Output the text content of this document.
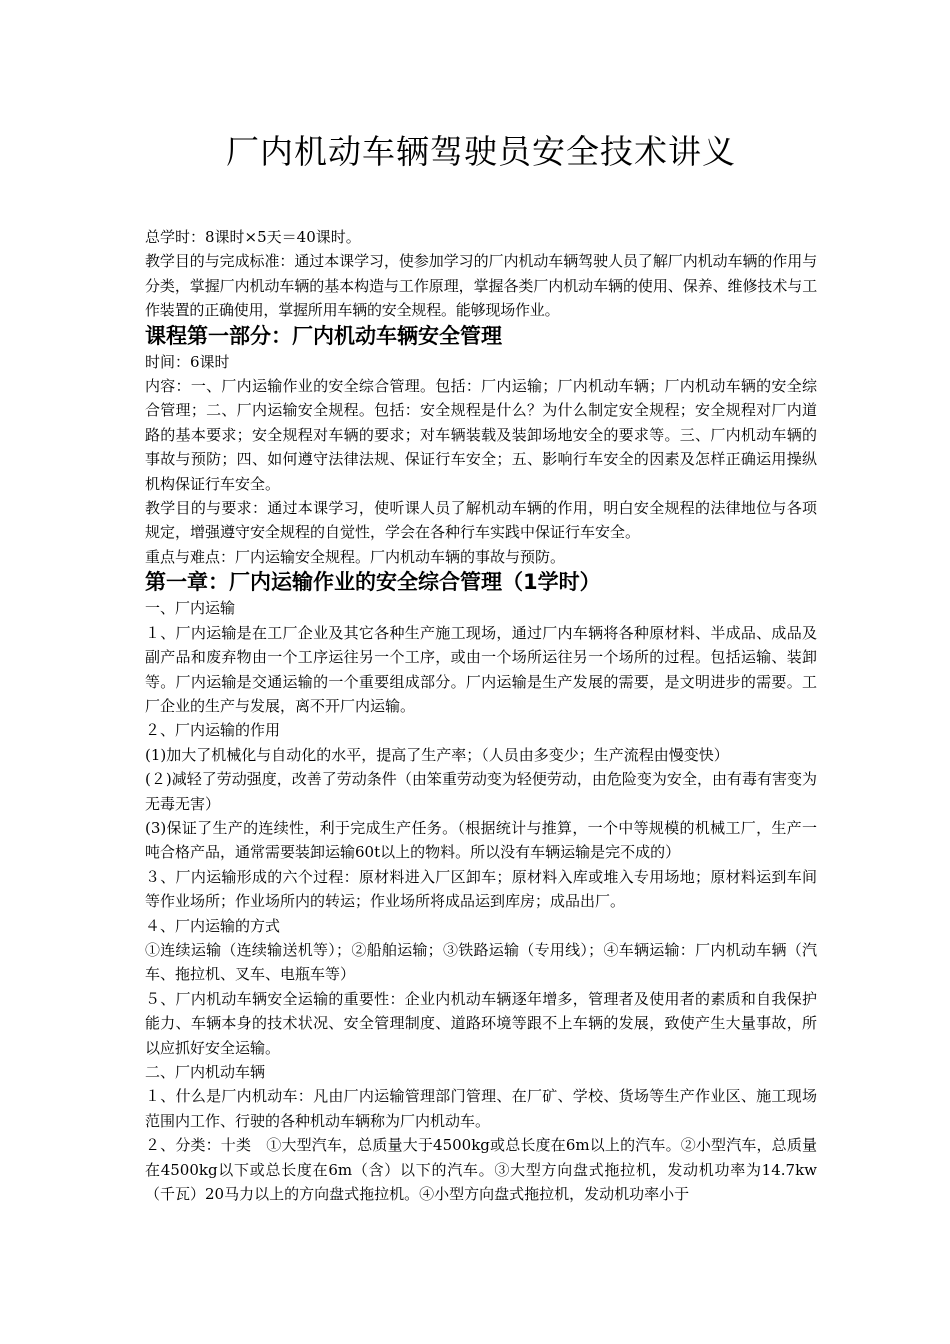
厂内机动车辆驾驶员安全技术讲义

总学时：8课时×5天＝40课时。

教学目的与完成标准：通过本课学习，使参加学习的厂内机动车辆驾驶人员了解厂内机动车辆的作用与分类，掌握厂内机动车辆的基本构造与工作原理，掌握各类厂内机动车辆的使用、保养、维修技术与工作装置的正确使用，掌握所用车辆的安全规程。能够现场作业。

课程第一部分：厂内机动车辆安全管理

时间：6课时

内容：一、厂内运输作业的安全综合管理。包括：厂内运输；厂内机动车辆；厂内机动车辆的安全综合管理；二、厂内运输安全规程。包括：安全规程是什么？为什么制定安全规程；安全规程对厂内道路的基本要求；安全规程对车辆的要求；对车辆装载及装卸场地安全的要求等。三、厂内机动车辆的事故与预防；四、如何遵守法律法规、保证行车安全；五、影响行车安全的因素及怎样正确运用操纵机构保证行车安全。

教学目的与要求：通过本课学习，使听课人员了解机动车辆的作用，明白安全规程的法律地位与各项规定，增强遵守安全规程的自觉性，学会在各种行车实践中保证行车安全。

重点与难点：厂内运输安全规程。厂内机动车辆的事故与预防。

第一章：厂内运输作业的安全综合管理（1学时）

一、厂内运输

１、厂内运输是在工厂企业及其它各种生产施工现场，通过厂内车辆将各种原材料、半成品、成品及副产品和废弃物由一个工序运往另一个工序，或由一个场所运往另一个场所的过程。包括运输、装卸等。厂内运输是交通运输的一个重要组成部分。厂内运输是生产发展的需要，是文明进步的需要。工厂企业的生产与发展，离不开厂内运输。

２、厂内运输的作用

(1)加大了机械化与自动化的水平，提高了生产率；（人员由多变少；生产流程由慢变快）

(２)减轻了劳动强度，改善了劳动条件（由笨重劳动变为轻便劳动，由危险变为安全，由有毒有害变为无毒无害）

(3)保证了生产的连续性，利于完成生产任务。（根据统计与推算，一个中等规模的机械工厂，生产一吨合格产品，通常需要装卸运输60t以上的物料。所以没有车辆运输是完不成的）

３、厂内运输形成的六个过程：原材料进入厂区卸车；原材料入库或堆入专用场地；原材料运到车间等作业场所；作业场所内的转运；作业场所将成品运到库房；成品出厂。

４、厂内运输的方式

①连续运输（连续输送机等）；②船舶运输；③铁路运输（专用线）；④车辆运输：厂内机动车辆（汽车、拖拉机、叉车、电瓶车等）

５、厂内机动车辆安全运输的重要性：企业内机动车辆逐年增多，管理者及使用者的素质和自我保护能力、车辆本身的技术状况、安全管理制度、道路环境等跟不上车辆的发展，致使产生大量事故，所以应抓好安全运输。

二、厂内机动车辆

１、什么是厂内机动车：凡由厂内运输管理部门管理、在厂矿、学校、货场等生产作业区、施工现场范围内工作、行驶的各种机动车辆称为厂内机动车。

２、分类：十类　①大型汽车，总质量大于4500kg或总长度在6m以上的汽车。②小型汽车，总质量在4500kg以下或总长度在6m（含）以下的汽车。③大型方向盘式拖拉机，发动机功率为14.7kw（千瓦）20马力以上的方向盘式拖拉机。④小型方向盘式拖拉机，发动机功率小于
